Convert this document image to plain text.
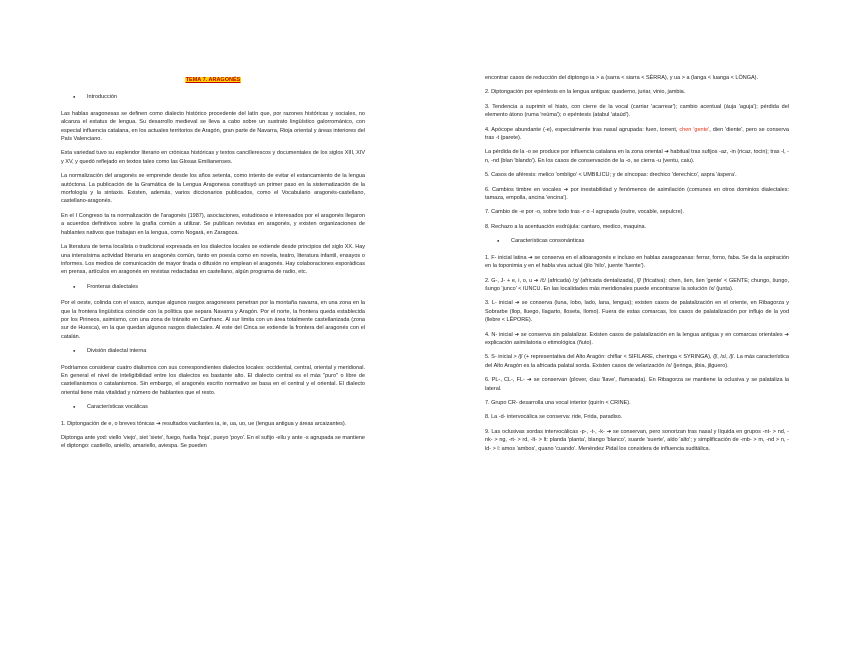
TEMA 7. ARAGONÉS
● Introducción

Las hablas aragonesas se definen como dialecto histórico procedente del latín que, por razones históricas y sociales, no alcanza el estatus de lengua. Su desarrollo medieval se lleva a cabo sobre un sustrato lingüístico galorrománico, con especial influencia catalana, en los actuales territorios de Aragón, gran parte de Navarra, Rioja oriental y áreas interiores del País Valenciano.

Esta variedad tuvo su esplendor literario en crónicas históricas y textos cancillerescos y documentales de los siglos XIII, XIV y XV, y quedó reflejado en textos tales como las Glosas Emilianenses.

La normalización del aragonés se emprende desde los años setenta, como intento de evitar el estancamiento de la lengua autóctona. La publicación de la Gramática de la Lengua Aragonesa constituyó un primer paso en la sistematización de la morfología y la sintaxis. Existen, además, varios diccionarios publicados, como el Vocabulario aragonés-castellano, castellano-aragonés.

En el I Congreso ta ra normalización de l'aragonés (1987), asociaciones, estudiosos e interesados por el aragonés llegaron a acuerdos definitivos sobre la grafía común a utilizar. Se publican revistas en aragonés, y existen organizaciones de hablantes nativos que trabajan en la lengua, como Nogará, en Zaragoza.

La literatura de tema localista o tradicional expresada en los dialectos locales se extiende desde principios del siglo XX. Hay una intensísima actividad literaria en aragonés común, tanto en poesía como en novela, teatro, literatura infantil, ensayos o informes. Los medios de comunicación de mayor tirada o difusión no emplean el aragonés. Hay colaboraciones esporádicas en prensa, artículos en aragonés en revistas redactadas en castellano, algún programa de radio, etc.

● Fronteras dialectales

Por el oeste, colinda con el vasco, aunque algunos rasgos aragoneses penetran por la montaña navarra, en una zona en la que la frontera lingüística coincide con la política que separa Navarra y Aragón. Por el norte, la frontera queda establecida por los Pirineos, asimismo, con una zona de tránsito en Canfranc. Al sur limita con un área totalmente castellanizada (zona sur de Huesca), en la que quedan algunos rasgos dialectales. Al este del Cinca se extiende la frontera del aragonés con el catalán.

● División dialectal interna

Podríamos considerar cuatro dialismos con sus correspondientes dialectos locales: occidental, central, oriental y meridional. En general el nivel de inteligibilidad entre los dialectos es bastante alto. El dialecto central es el más "puro" o libre de castellanismos o catalanismos. Sin embargo, el aragonés escrito normativo se basa en el central y el oriental. El dialecto oriental tiene más vitalidad y número de hablantes que el resto.

● Características vocálicas

1. Diptongación de e, o breves tónicas ➔ resultados vacilantes ia, ie, ua, uo, ue (lengua antigua y áreas arcaizantes).

Diptonga ante yod: viello 'viejo', siet 'siete', fuego, fuella 'hoja', pueyo 'poyo'. En el sufijo -ellu y ante -s agrupada se mantiene el diptongo: castiello, aniello, amariello, aviespa. Se pueden

encontrar casos de reducción del diptongo ia > a (sarra < siarra < SĒRRA), y ua > a (langa < luanga < LŌNGA).

2. Diptongación por epéntesis en la lengua antigua: quaderno, juriar, vinio, jambia.

3. Tendencia a suprimir el hiato, con cierre de la vocal (carriar 'acarrear'); cambio acentual (áuja 'aguja'); pérdida del elemento átono (ruma 'reúma'); o epéntesis (atabul 'ataúd').

4. Apócope abundante (-e), especialmente tras nasal agrupada: fuen, torrent, chen 'gente', dien 'diente', pero se conserva tras -t (parete).

La pérdida de la -o se produce por influencia catalana en la zona oriental ➔ habitual tras sufijos -az, -in (ricaz, tocin); tras -l, -n, -nd (blan 'blando'). En los casos de conservación de la -o, se cierra -u (ventu, caiu).

5. Casos de aféresis: melico 'ombligo' < UMBILICU; y de síncopas: drechico 'derechico', aspra 'áspera'.

6. Cambios timbre en vocales ➔ por inestabilidad y fenómenos de asimilación (comunes en otros dominios dialectales: tamaza, empolla, ancina 'encina').

7. Cambio de -e por -o, sobre todo tras -r o -l agrupada (outre, vocable, sepulcre).

8. Rechazo a la acentuación esdrújula: cantaro, medico, maquina.

● Características consonánticas

1. F- inicial latina ➔ se conserva en el altoaragonés e incluso en hablas zaragozanas: ferrar, forno, faba. Se da la aspiración en la toponimia y en el habla viva actual (jilo 'hilo', juente 'fuente').

2. G-, J- + e, i, o, u ➔ /č/ (africada) /ʒ/ (africada dentalizada), /ʃ/ (fricativa): chen, šen, šen 'gente' < GENTE; chungo, šungo, šungo 'junco' < IUNCU. En las localidades más meridionales puede encontrarse la solución /x/ (junta).

3. L- inicial ➔ se conserva (luna, lobo, lado, lana, lengua); existen casos de palatalización en el oriente, en Ribagorza y Sobrarbe (llop, lluego, llagarto, lloseta, llomo). Fuera de estas comarcas, los casos de palatalización por influjo de la yod (llebre < LĔPORE).

4. N- inicial ➔ se conserva sin palatalizar. Existen casos de palatalización en la lengua antigua y en comarcas orientales ➔ explicación asimilatoria o etimológica (ñuto).

5. S- inicial > /ʃ/ (+ representativa del Alto Aragón: chiflar < SIFILARE, cheringa < SYRINGA), /ʃ/, /s/, /ʃ/. La más característica del Alto Aragón es la africada palatal sorda. Existen casos de velarización /x/ (jeringa, jibia, jilguero).

6. PL-, CL-, FL- ➔ se conservan (plover, clau 'llave', flamarada). En Ribagorza se mantiene la oclusiva y se palataliza la lateral.

7. Grupo CR- desarrolla una vocal interior (quirín < CRINE).

8. La -d- intervocálica se conserva: ride, Frida, paradiso.

9. Las oclusivas sordas intervocálicas -p-, -t-, -k- ➔ se conservan, pero sonorizan tras nasal y líquida en grupos -nt- > nd, -nk- > ng, -rt- > rd, -lt- > lt: planda 'planta', blango 'blanco', suarde 'suerte', aldo 'alto'; y simplificación de -mb- > m, -nd > n, -ld- > l: amos 'ambos', quano 'cuando'. Menéndez Pidal los considera de influencia suditálica.
